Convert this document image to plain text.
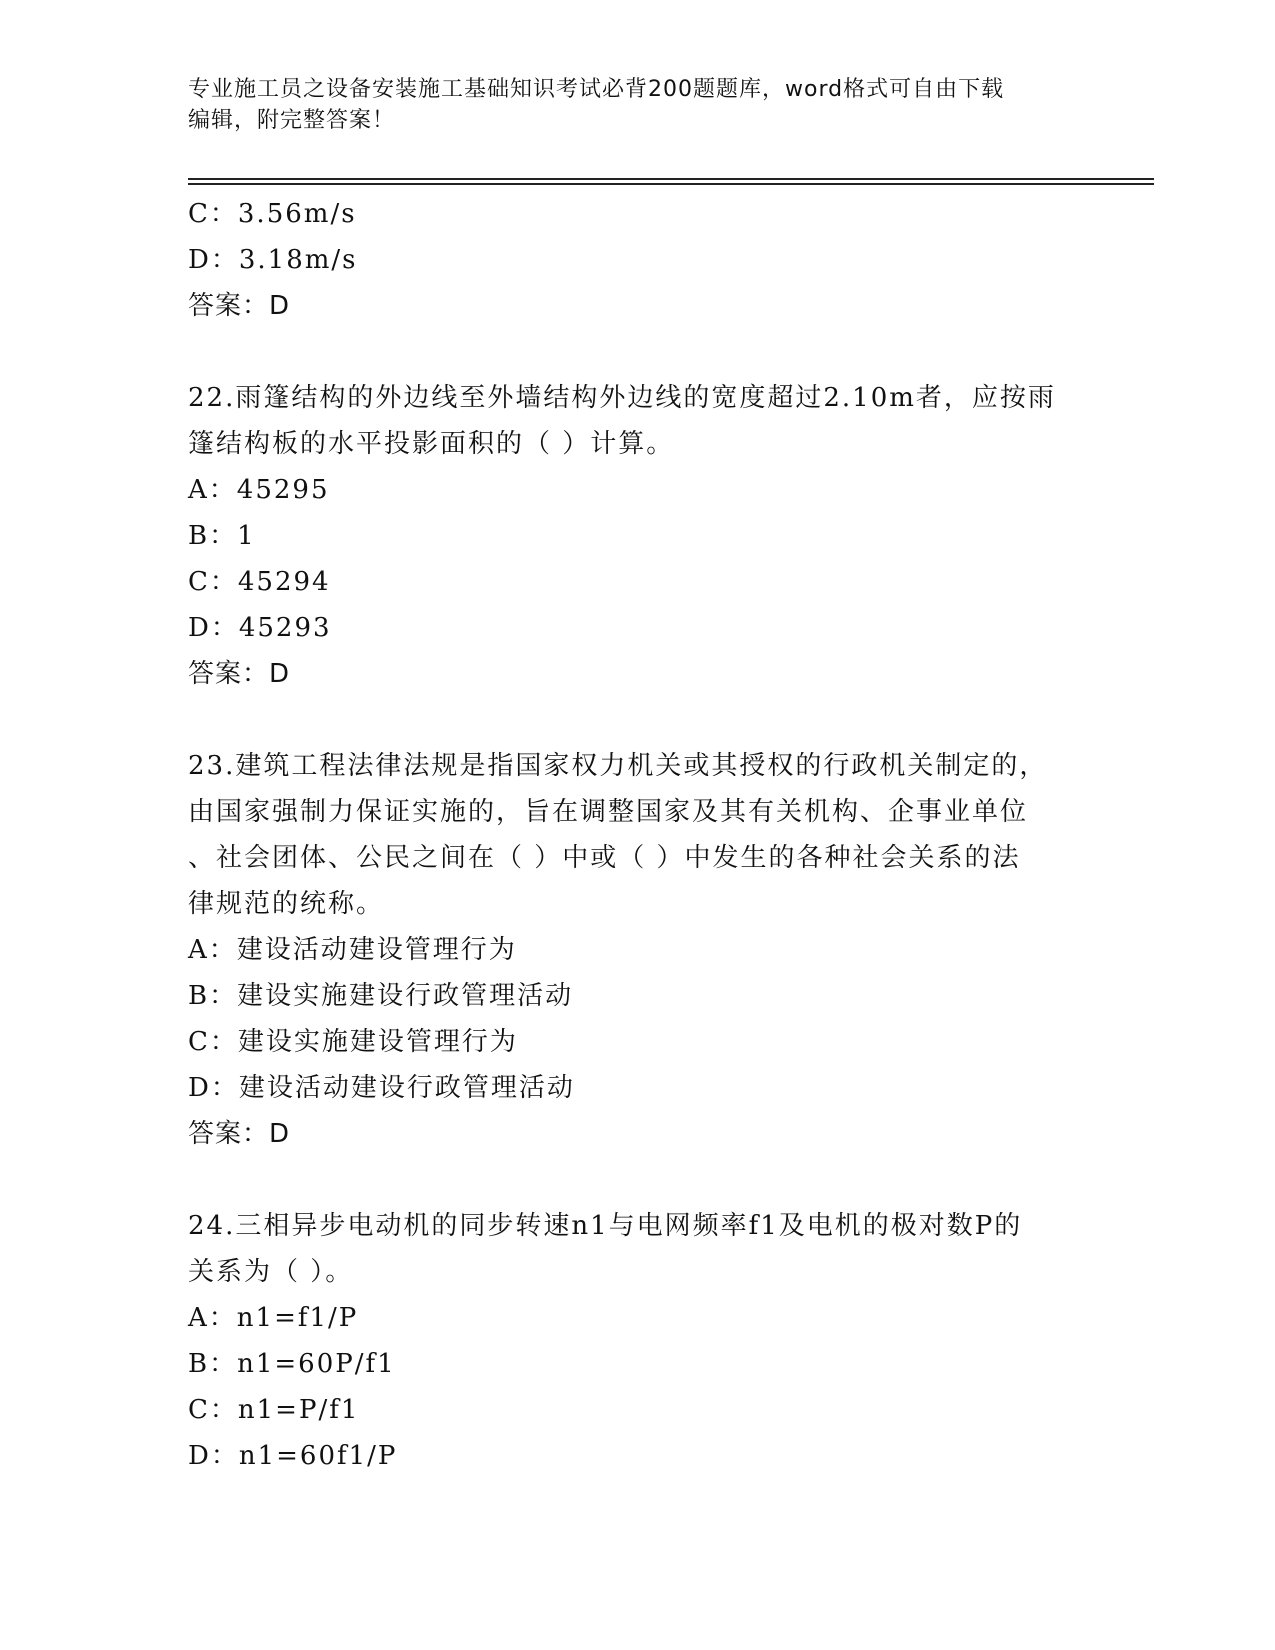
专业施工员之设备安装施工基础知识考试必背200题题库，word格式可自由下载
编辑，附完整答案！
C：3.56m/s
D：3.18m/s
答案：D
22.雨篷结构的外边线至外墙结构外边线的宽度超过2.10m者，应按雨
篷结构板的水平投影面积的（ ）计算。
A：45295
B：1
C：45294
D：45293
答案：D
23.建筑工程法律法规是指国家权力机关或其授权的行政机关制定的，
由国家强制力保证实施的，旨在调整国家及其有关机构、企事业单位
、社会团体、公民之间在（ ）中或（ ）中发生的各种社会关系的法
律规范的统称。
A：建设活动建设管理行为
B：建设实施建设行政管理活动
C：建设实施建设管理行为
D：建设活动建设行政管理活动
答案：D
24.三相异步电动机的同步转速n1与电网频率f1及电机的极对数P的
关系为（ ）。
A：n1=f1/P
B：n1=60P/f1
C：n1=P/f1
D：n1=60f1/P
